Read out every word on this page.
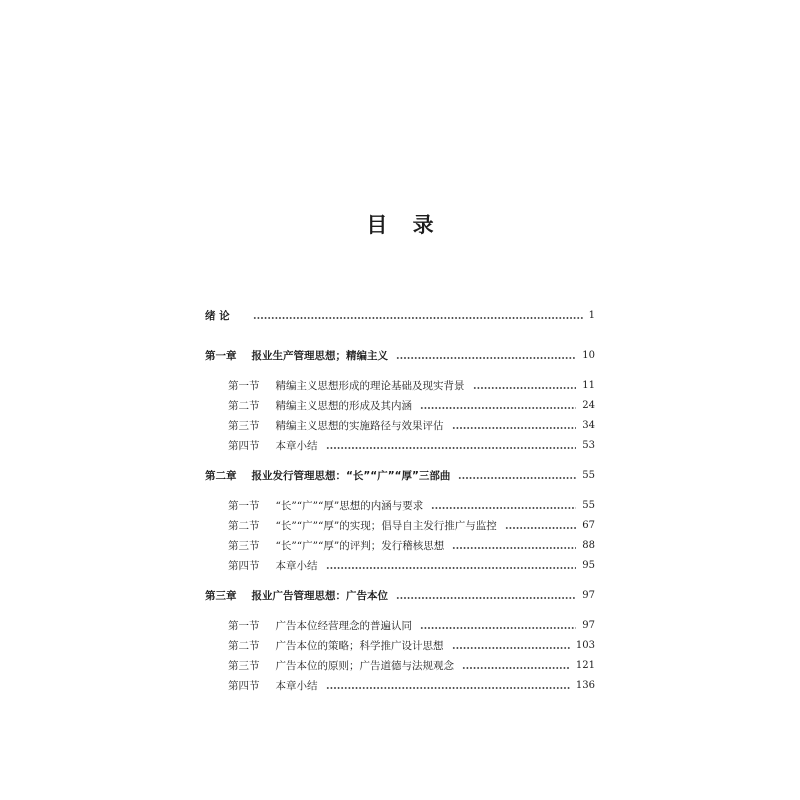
目 录
绪 论	1
第一章 报业生产管理思想；精编主义	10
第一节 精编主义思想形成的理论基础及现实背景	11
第二节 精编主义思想的形成及其内涵	24
第三节 精编主义思想的实施路径与效果评估	34
第四节 本章小结	53
第二章 报业发行管理思想：“长”“广”“厚”三部曲	55
第一节 “长”“广”“厚”思想的内涵与要求	55
第二节 “长”“广”“厚”的实现；倡导自主发行推广与监控	67
第三节 “长”“广”“厚”的评判；发行稽核思想	88
第四节 本章小结	95
第三章 报业广告管理思想：广告本位	97
第一节 广告本位经营理念的普遍认同	97
第二节 广告本位的策略；科学推广设计思想	103
第三节 广告本位的原则；广告道德与法规观念	121
第四节 本章小结	136
